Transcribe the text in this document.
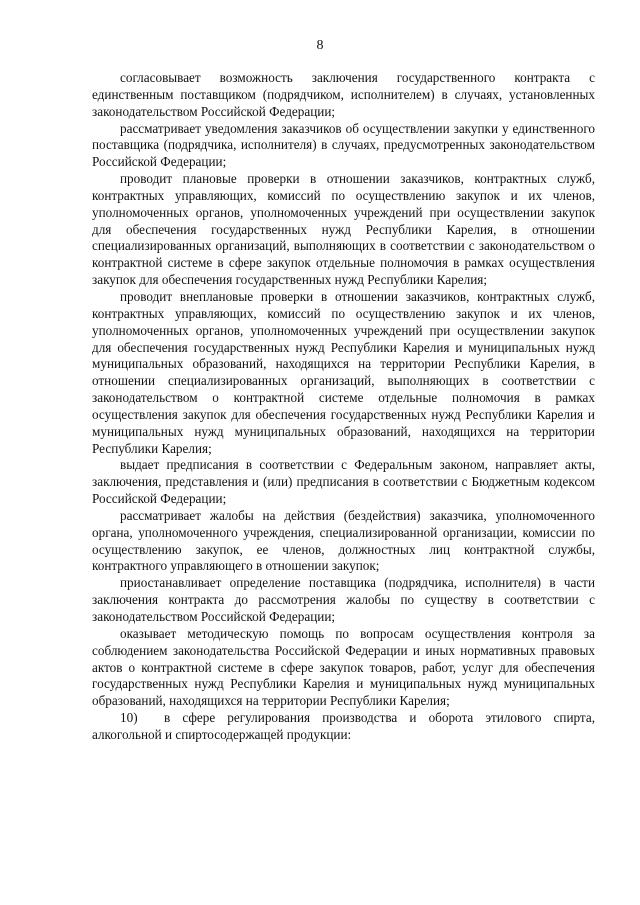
8

согласовывает возможность заключения государственного контракта с единственным поставщиком (подрядчиком, исполнителем) в случаях, установленных законодательством Российской Федерации;

рассматривает уведомления заказчиков об осуществлении закупки у единственного поставщика (подрядчика, исполнителя) в случаях, предусмотренных законодательством Российской Федерации;

проводит плановые проверки в отношении заказчиков, контрактных служб, контрактных управляющих, комиссий по осуществлению закупок и их членов, уполномоченных органов, уполномоченных учреждений при осуществлении закупок для обеспечения государственных нужд Республики Карелия, в отношении специализированных организаций, выполняющих в соответствии с законодательством о контрактной системе в сфере закупок отдельные полномочия в рамках осуществления закупок для обеспечения государственных нужд Республики Карелия;

проводит внеплановые проверки в отношении заказчиков, контрактных служб, контрактных управляющих, комиссий по осуществлению закупок и их членов, уполномоченных органов, уполномоченных учреждений при осуществлении закупок для обеспечения государственных нужд Республики Карелия и муниципальных нужд муниципальных образований, находящихся на территории Республики Карелия, в отношении специализированных организаций, выполняющих в соответствии с законодательством о контрактной системе отдельные полномочия в рамках осуществления закупок для обеспечения государственных нужд Республики Карелия и муниципальных нужд муниципальных образований, находящихся на территории Республики Карелия;

выдает предписания в соответствии с Федеральным законом, направляет акты, заключения, представления и (или) предписания в соответствии с Бюджетным кодексом Российской Федерации;

рассматривает жалобы на действия (бездействия) заказчика, уполномоченного органа, уполномоченного учреждения, специализированной организации, комиссии по осуществлению закупок, ее членов, должностных лиц контрактной службы, контрактного управляющего в отношении закупок;

приостанавливает определение поставщика (подрядчика, исполнителя) в части заключения контракта до рассмотрения жалобы по существу в соответствии с законодательством Российской Федерации;

оказывает методическую помощь по вопросам осуществления контроля за соблюдением законодательства Российской Федерации и иных нормативных правовых актов о контрактной системе в сфере закупок товаров, работ, услуг для обеспечения государственных нужд Республики Карелия и муниципальных нужд муниципальных образований, находящихся на территории Республики Карелия;

10) в сфере регулирования производства и оборота этилового спирта, алкогольной и спиртосодержащей продукции:
